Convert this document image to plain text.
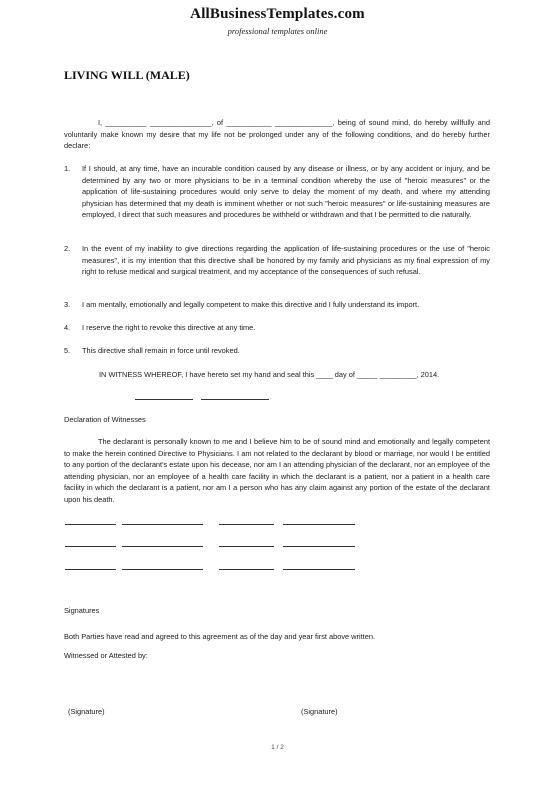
AllBusinessTemplates.com
professional templates online
LIVING WILL (MALE)
I, __________ _______________, of ___________ ______________, being of sound mind, do hereby willfully and voluntarily make known my desire that my life not be prolonged under any of the following conditions, and do hereby further declare:
1. If I should, at any time, have an incurable condition caused by any disease or illness, or by any accident or injury, and be determined by any two or more physicians to be in a terminal condition whereby the use of "heroic measures" or the application of life-sustaining procedures would only serve to delay the moment of my death, and where my attending physician has determined that my death is imminent whether or not such "heroic measures" or life-sustaining measures are employed, I direct that such measures and procedures be withheld or withdrawn and that I be permitted to die naturally.
2. In the event of my inability to give directions regarding the application of life-sustaining procedures or the use of "heroic measures", it is my intention that this directive shall be honored by my family and physicians as my final expression of my right to refuse medical and surgical treatment, and my acceptance of the consequences of such refusal.
3. I am mentally, emotionally and legally competent to make this directive and I fully understand its import.
4. I reserve the right to revoke this directive at any time.
5. This directive shall remain in force until revoked.
IN WITNESS WHEREOF, I have hereto set my hand and seal this ____ day of _____ _________, 2014.
Declaration of Witnesses
The declarant is personally known to me and I believe him to be of sound mind and emotionally and legally competent to make the herein contined Directive to Physicians. I am not related to the declarant by blood or marriage, nor would I be entitled to any portion of the declarant's estate upon his decease, nor am I an attending physician of the declarant, nor an employee of the attending physician, nor an employee of a health care facility in which the declarant is a patient, nor a patient in a health care facility in which the declarant is a patient, nor am I a person who has any claim against any portion of the estate of the declarant upon his death.
Signatures
Both Parties have read and agreed to this agreement as of the day and year first above written.
Witnessed or Attested by:
(Signature)	(Signature)
1 / 2
